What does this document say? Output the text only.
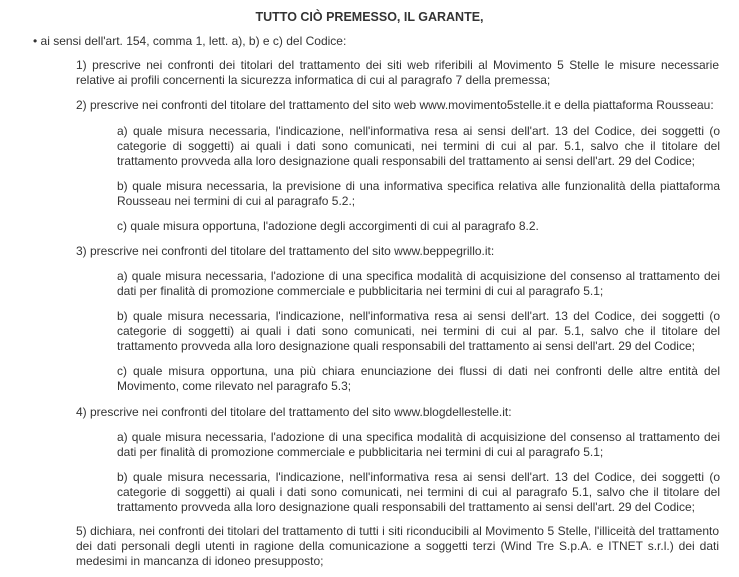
TUTTO CIÒ PREMESSO, IL GARANTE,
• ai sensi dell'art. 154, comma 1, lett. a), b) e c) del Codice:
1) prescrive nei confronti dei titolari del trattamento dei siti web riferibili al Movimento 5 Stelle le misure necessarie relative ai profili concernenti la sicurezza informatica di cui al paragrafo 7 della premessa;
2) prescrive nei confronti del titolare del trattamento del sito web www.movimento5stelle.it e della piattaforma Rousseau:
a) quale misura necessaria, l'indicazione, nell'informativa resa ai sensi dell'art. 13 del Codice, dei soggetti (o categorie di soggetti) ai quali i dati sono comunicati, nei termini di cui al par. 5.1, salvo che il titolare del trattamento provveda alla loro designazione quali responsabili del trattamento ai sensi dell'art. 29 del Codice;
b) quale misura necessaria, la previsione di una informativa specifica relativa alle funzionalità della piattaforma Rousseau nei termini di cui al paragrafo 5.2.;
c) quale misura opportuna, l'adozione degli accorgimenti di cui al paragrafo 8.2.
3) prescrive nei confronti del titolare del trattamento del sito www.beppegrillo.it:
a) quale misura necessaria, l'adozione di una specifica modalità di acquisizione del consenso al trattamento dei dati per finalità di promozione commerciale e pubblicitaria nei termini di cui al paragrafo 5.1;
b) quale misura necessaria, l'indicazione, nell'informativa resa ai sensi dell'art. 13 del Codice, dei soggetti (o categorie di soggetti) ai quali i dati sono comunicati, nei termini di cui al par. 5.1, salvo che il titolare del trattamento provveda alla loro designazione quali responsabili del trattamento ai sensi dell'art. 29 del Codice;
c) quale misura opportuna, una più chiara enunciazione dei flussi di dati nei confronti delle altre entità del Movimento, come rilevato nel paragrafo 5.3;
4) prescrive nei confronti del titolare del trattamento del sito www.blogdellestelle.it:
a) quale misura necessaria, l'adozione di una specifica modalità di acquisizione del consenso al trattamento dei dati per finalità di promozione commerciale e pubblicitaria nei termini di cui al paragrafo 5.1;
b) quale misura necessaria, l'indicazione, nell'informativa resa ai sensi dell'art. 13 del Codice, dei soggetti (o categorie di soggetti) ai quali i dati sono comunicati, nei termini di cui al paragrafo 5.1, salvo che il titolare del trattamento provveda alla loro designazione quali responsabili del trattamento ai sensi dell'art. 29 del Codice;
5) dichiara, nei confronti dei titolari del trattamento di tutti i siti riconducibili al Movimento 5 Stelle, l'illiceità del trattamento dei dati personali degli utenti in ragione della comunicazione a soggetti terzi (Wind Tre S.p.A. e ITNET s.r.l.) dei dati medesimi in mancanza di idoneo presupposto;
